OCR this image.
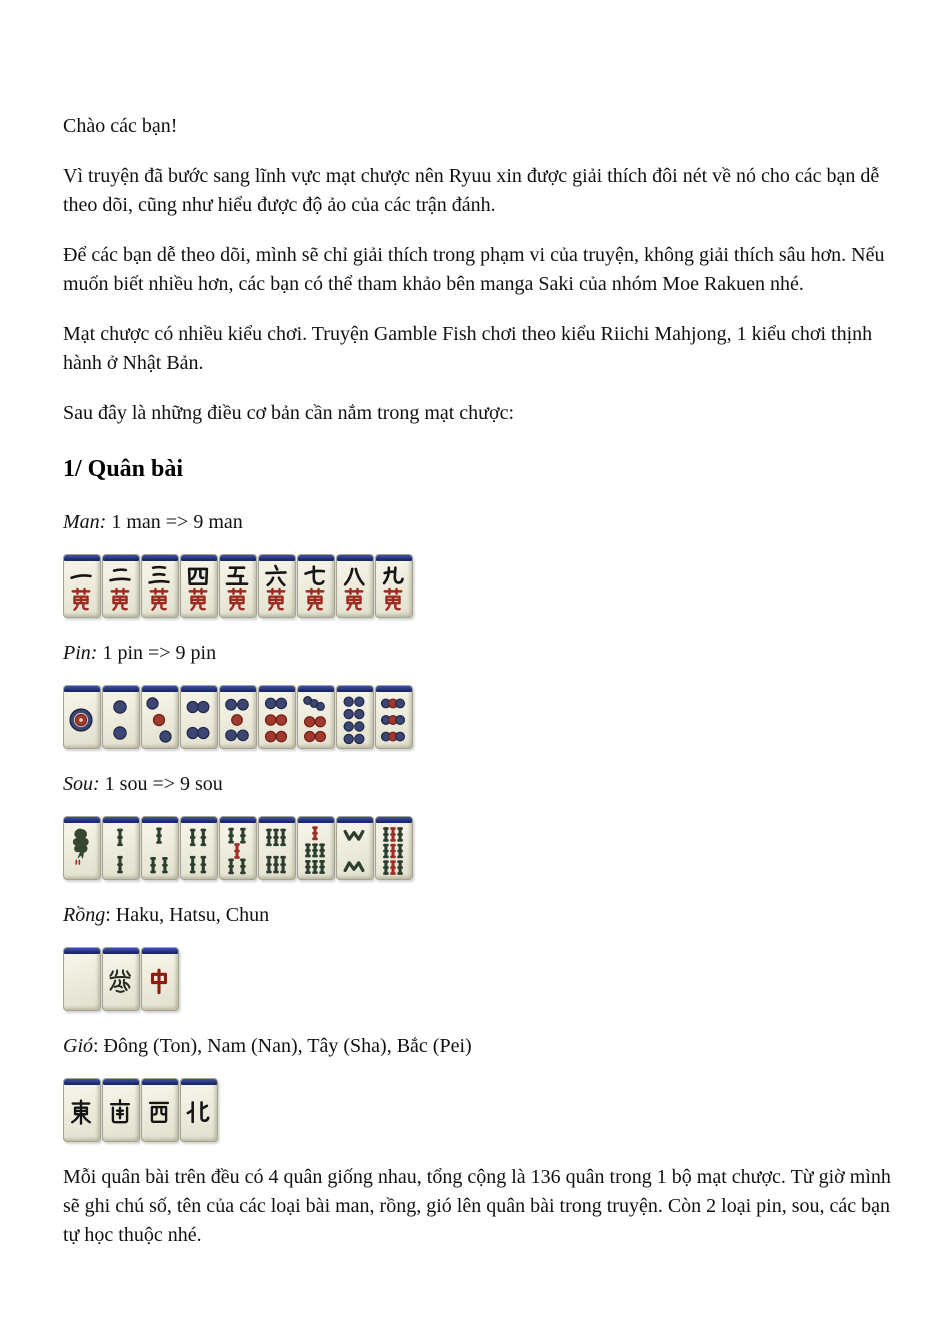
Chào các bạn!

Vì truyện đã bước sang lĩnh vực mạt chược nên Ryuu xin được giải thích đôi nét về nó cho các bạn dễ theo dõi, cũng như hiểu được độ ảo của các trận đánh.

Để các bạn dễ theo dõi, mình sẽ chỉ giải thích trong phạm vi của truyện, không giải thích sâu hơn. Nếu muốn biết nhiều hơn, các bạn có thể tham khảo bên manga Saki của nhóm Moe Rakuen nhé.

Mạt chược có nhiều kiểu chơi. Truyện Gamble Fish chơi theo kiểu Riichi Mahjong, 1 kiểu chơi thịnh hành ở Nhật Bản.

Sau đây là những điều cơ bản cần nắm trong mạt chược:

1/ Quân bài

Man: 1 man => 9 man

Pin: 1 pin => 9 pin

Sou: 1 sou => 9 sou

Rồng: Haku, Hatsu, Chun

Gió: Đông (Ton), Nam (Nan), Tây (Sha), Bắc (Pei)

Mỗi quân bài trên đều có 4 quân giống nhau, tổng cộng là 136 quân trong 1 bộ mạt chược. Từ giờ mình sẽ ghi chú số, tên của các loại bài man, rồng, gió lên quân bài trong truyện. Còn 2 loại pin, sou, các bạn tự học thuộc nhé.
